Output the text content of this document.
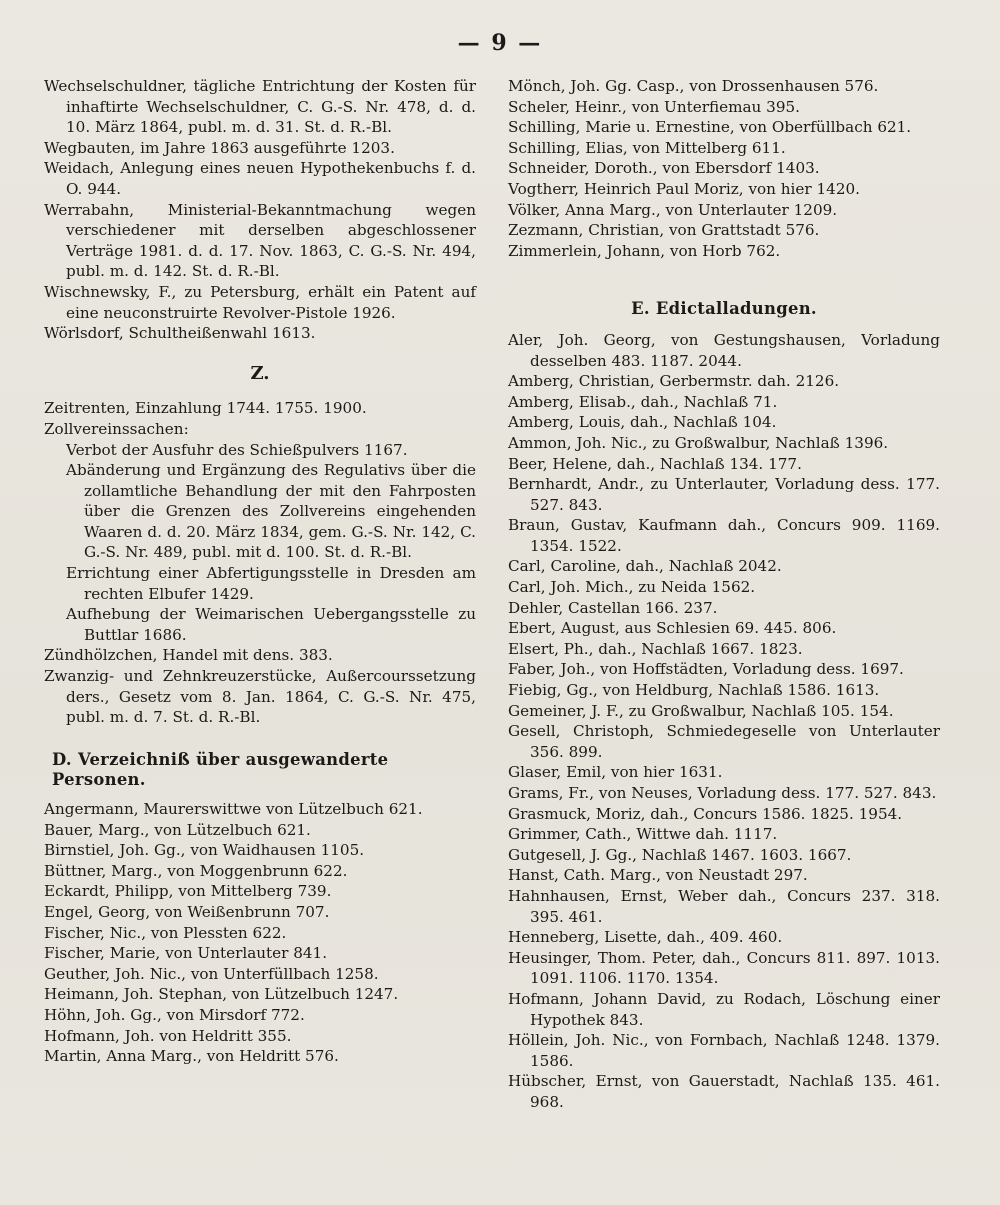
— 9 —

Wechselschuldner, tägliche Entrichtung der Kosten für inhaftirte Wechselschuldner, C. G.-S. Nr. 478, d. d. 10. März 1864, publ. m. d. 31. St. d. R.-Bl.

Wegbauten, im Jahre 1863 ausgeführte 1203.

Weidach, Anlegung eines neuen Hypothekenbuchs f. d. O. 944.

Werrabahn, Ministerial-Bekanntmachung wegen verschiedener mit derselben abgeschlossener Verträge 1981. d. d. 17. Nov. 1863, C. G.-S. Nr. 494, publ. m. d. 142. St. d. R.-Bl.

Wischnewsky, F., zu Petersburg, erhält ein Patent auf eine neuconstruirte Revolver-Pistole 1926.

Wörlsdorf, Schultheißenwahl 1613.

Z.

Zeitrenten, Einzahlung 1744. 1755. 1900.

Zollvereinssachen:

Verbot der Ausfuhr des Schießpulvers 1167.

Abänderung und Ergänzung des Regulativs über die zollamtliche Behandlung der mit den Fahrposten über die Grenzen des Zollvereins eingehenden Waaren d. d. 20. März 1834, gem. G.-S. Nr. 142, C. G.-S. Nr. 489, publ. mit d. 100. St. d. R.-Bl.

Errichtung einer Abfertigungsstelle in Dresden am rechten Elbufer 1429.

Aufhebung der Weimarischen Uebergangsstelle zu Buttlar 1686.

Zündhölzchen, Handel mit dens. 383.

Zwanzig- und Zehnkreuzerstücke, Außercourssetzung ders., Gesetz vom 8. Jan. 1864, C. G.-S. Nr. 475, publ. m. d. 7. St. d. R.-Bl.

D. Verzeichniß über ausgewanderte Personen.

Angermann, Maurerswittwe von Lützelbuch 621.

Bauer, Marg., von Lützelbuch 621.

Birnstiel, Joh. Gg., von Waidhausen 1105.

Büttner, Marg., von Moggenbrunn 622.

Eckardt, Philipp, von Mittelberg 739.

Engel, Georg, von Weißenbrunn 707.

Fischer, Nic., von Plessten 622.

Fischer, Marie, von Unterlauter 841.

Geuther, Joh. Nic., von Unterfüllbach 1258.

Heimann, Joh. Stephan, von Lützelbuch 1247.

Höhn, Joh. Gg., von Mirsdorf 772.

Hofmann, Joh. von Heldritt 355.

Martin, Anna Marg., von Heldritt 576.

Mönch, Joh. Gg. Casp., von Drossenhausen 576.

Scheler, Heinr., von Unterfiemau 395.

Schilling, Marie u. Ernestine, von Oberfüllbach 621.

Schilling, Elias, von Mittelberg 611.

Schneider, Doroth., von Ebersdorf 1403.

Vogtherr, Heinrich Paul Moriz, von hier 1420.

Völker, Anna Marg., von Unterlauter 1209.

Zezmann, Christian, von Grattstadt 576.

Zimmerlein, Johann, von Horb 762.

E. Edictalladungen.

Aler, Joh. Georg, von Gestungshausen, Vorladung desselben 483. 1187. 2044.

Amberg, Christian, Gerbermstr. dah. 2126.

Amberg, Elisab., dah., Nachlaß 71.

Amberg, Louis, dah., Nachlaß 104.

Ammon, Joh. Nic., zu Großwalbur, Nachlaß 1396.

Beer, Helene, dah., Nachlaß 134. 177.

Bernhardt, Andr., zu Unterlauter, Vorladung dess. 177. 527. 843.

Braun, Gustav, Kaufmann dah., Concurs 909. 1169. 1354. 1522.

Carl, Caroline, dah., Nachlaß 2042.

Carl, Joh. Mich., zu Neida 1562.

Dehler, Castellan 166. 237.

Ebert, August, aus Schlesien 69. 445. 806.

Elsert, Ph., dah., Nachlaß 1667. 1823.

Faber, Joh., von Hoffstädten, Vorladung dess. 1697.

Fiebig, Gg., von Heldburg, Nachlaß 1586. 1613.

Gemeiner, J. F., zu Großwalbur, Nachlaß 105. 154.

Gesell, Christoph, Schmiedegeselle von Unterlauter 356. 899.

Glaser, Emil, von hier 1631.

Grams, Fr., von Neuses, Vorladung dess. 177. 527. 843.

Grasmuck, Moriz, dah., Concurs 1586. 1825. 1954.

Grimmer, Cath., Wittwe dah. 1117.

Gutgesell, J. Gg., Nachlaß 1467. 1603. 1667.

Hanst, Cath. Marg., von Neustadt 297.

Hahnhausen, Ernst, Weber dah., Concurs 237. 318. 395. 461.

Henneberg, Lisette, dah., 409. 460.

Heusinger, Thom. Peter, dah., Concurs 811. 897. 1013. 1091. 1106. 1170. 1354.

Hofmann, Johann David, zu Rodach, Löschung einer Hypothek 843.

Höllein, Joh. Nic., von Fornbach, Nachlaß 1248. 1379. 1586.

Hübscher, Ernst, von Gauerstadt, Nachlaß 135. 461. 968.
